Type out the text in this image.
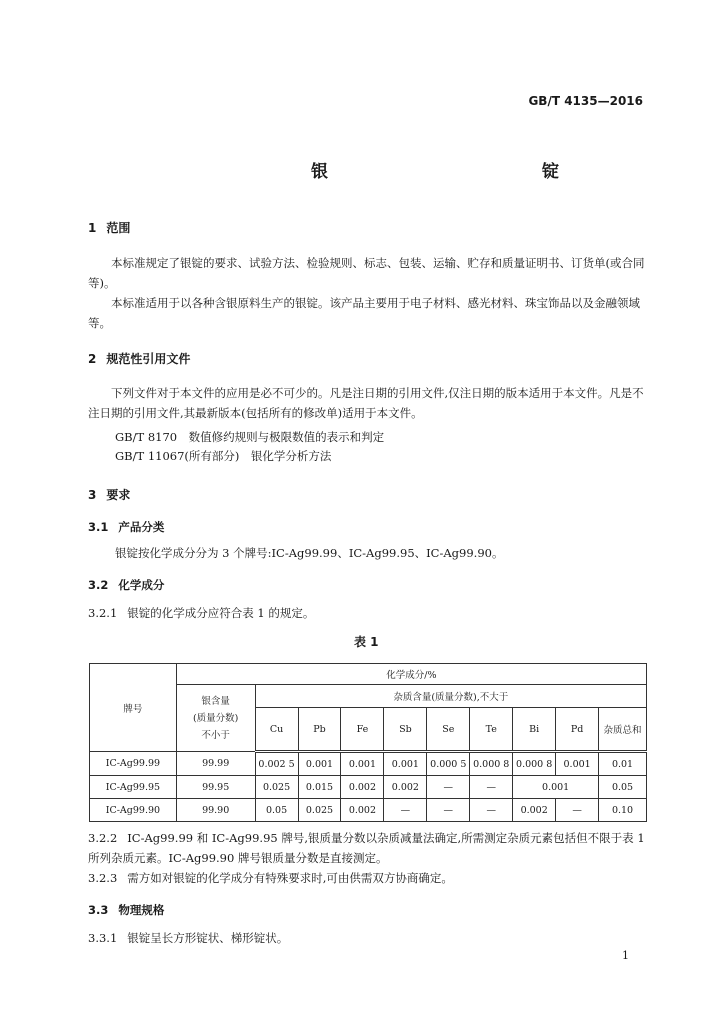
GB/T 4135—2016
银　　锭
1 范围
本标准规定了银锭的要求、试验方法、检验规则、标志、包装、运输、贮存和质量证明书、订货单(或合同等)。
本标准适用于以各种含银原料生产的银锭。该产品主要用于电子材料、感光材料、珠宝饰品以及金融领域等。
2 规范性引用文件
下列文件对于本文件的应用是必不可少的。凡是注日期的引用文件,仅注日期的版本适用于本文件。凡是不注日期的引用文件,其最新版本(包括所有的修改单)适用于本文件。
GB/T 8170　数值修约规则与极限数值的表示和判定
GB/T 11067(所有部分)　银化学分析方法
3 要求
3.1 产品分类
银锭按化学成分分为 3 个牌号:IC-Ag99.99、IC-Ag99.95、IC-Ag99.90。
3.2 化学成分
3.2.1 银锭的化学成分应符合表 1 的规定。
表 1
牌号	化学成分/%									

	银含量
(质量分数)
不小于	杂质含量(质量分数),不大于								
		Cu	Pb	Fe	Sb	Se	Te	Bi	Pd	杂质总和
IC-Ag99.99	99.99	0.002 5	0.001	0.001	0.001	0.000 5	0.000 8	0.000 8	0.001	0.01
IC-Ag99.95	99.95	0.025	0.015	0.002	0.002	—	—	0.001		0.05
IC-Ag99.90	99.90	0.05	0.025	0.002	—	—	—	0.002	—	0.10
3.2.2 IC-Ag99.99 和 IC-Ag99.95 牌号,银质量分数以杂质减量法确定,所需测定杂质元素包括但不限于表 1 所列杂质元素。IC-Ag99.90 牌号银质量分数是直接测定。
3.2.3 需方如对银锭的化学成分有特殊要求时,可由供需双方协商确定。
3.3 物理规格
3.3.1 银锭呈长方形锭状、梯形锭状。
1
